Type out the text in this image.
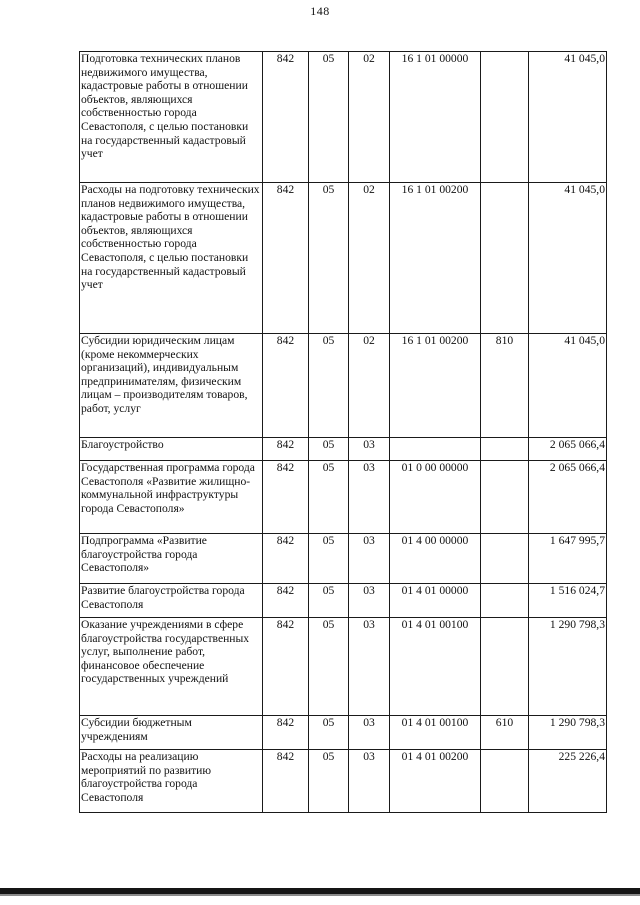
148
Подготовка технических планов недвижимого имущества, кадастровые работы в отношении объектов, являющихся собственностью города Севастополя, с целью постановки на государственный кадастровый учет	842	05	02	16 1 01 00000		41 045,0
Расходы на подготовку технических планов недвижимого имущества, кадастровые работы в отношении объектов, являющихся собственностью города Севастополя, с целью постановки на государственный кадастровый учет	842	05	02	16 1 01 00200		41 045,0
Субсидии юридическим лицам (кроме некоммерческих организаций), индивидуальным предпринимателям, физическим лицам – производителям товаров, работ, услуг	842	05	02	16 1 01 00200	810	41 045,0
Благоустройство	842	05	03			2 065 066,4
Государственная программа города Севастополя «Развитие жилищно-коммунальной инфраструктуры города Севастополя»	842	05	03	01 0 00 00000		2 065 066,4
Подпрограмма «Развитие благоустройства города Севастополя»	842	05	03	01 4 00 00000		1 647 995,7
Развитие благоустройства города Севастополя	842	05	03	01 4 01 00000		1 516 024,7
Оказание учреждениями в сфере благоустройства государственных услуг, выполнение работ, финансовое обеспечение государственных учреждений	842	05	03	01 4 01 00100		1 290 798,3
Субсидии бюджетным учреждениям	842	05	03	01 4 01 00100	610	1 290 798,3
Расходы на реализацию мероприятий по развитию благоустройства города Севастополя	842	05	03	01 4 01 00200		225 226,4
